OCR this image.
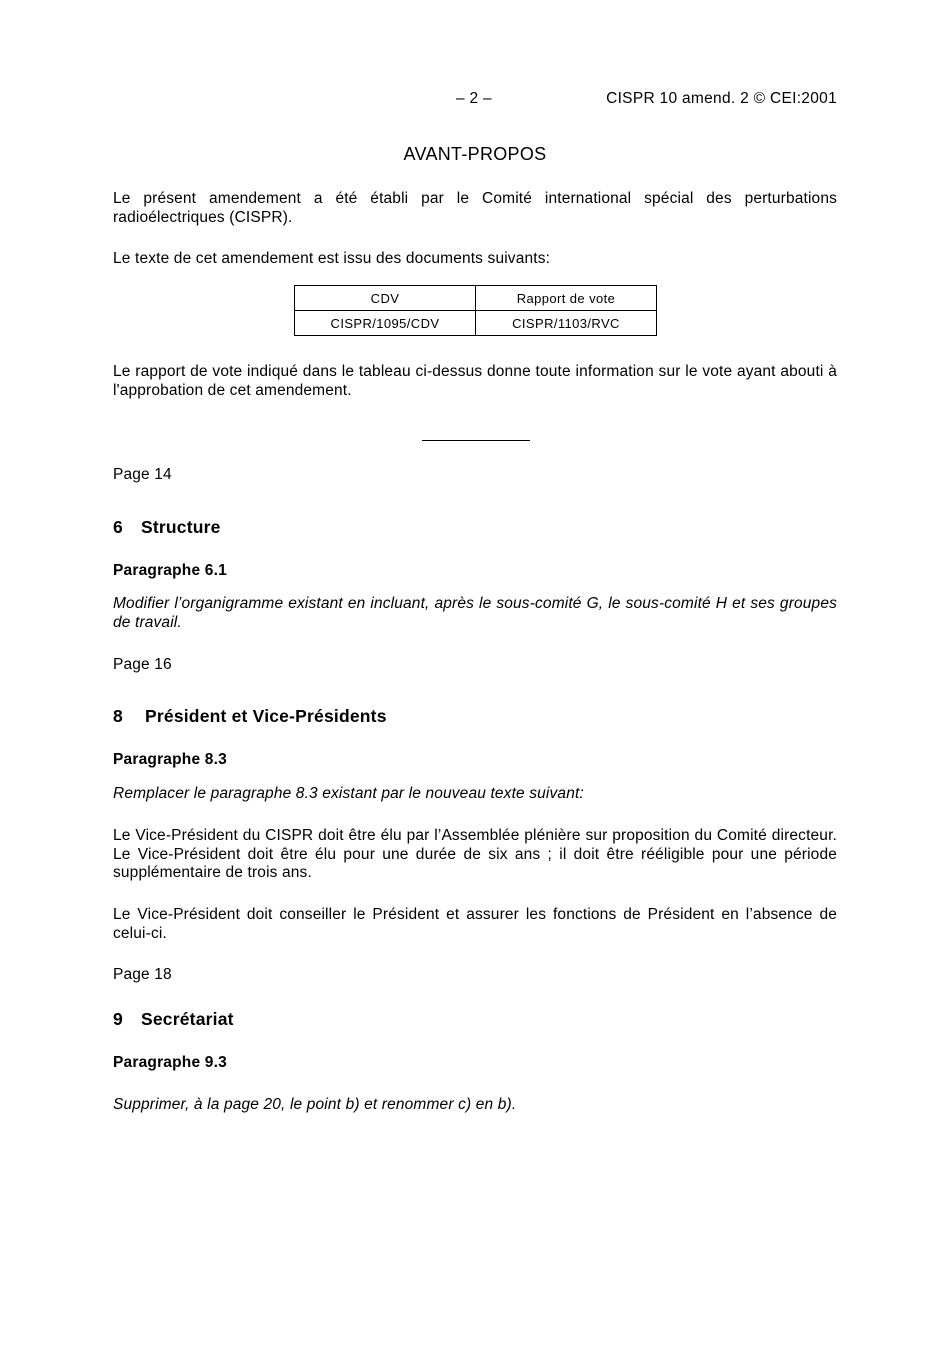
– 2 –	CISPR 10 amend. 2 © CEI:2001
AVANT-PROPOS
Le présent amendement a été établi par le Comité international spécial des perturbations radioélectriques (CISPR).
Le texte de cet amendement est issu des documents suivants:
CDV	Rapport de vote
CISPR/1095/CDV	CISPR/1103/RVC
Le rapport de vote indiqué dans le tableau ci-dessus donne toute information sur le vote ayant abouti à l'approbation de cet amendement.
Page 14
6 Structure
Paragraphe 6.1
Modifier l’organigramme existant en incluant, après le sous-comité G, le sous-comité H et ses groupes de travail.
Page 16
8 Président et Vice-Présidents
Paragraphe 8.3
Remplacer le paragraphe 8.3 existant par le nouveau texte suivant:
Le Vice-Président du CISPR doit être élu par l’Assemblée plénière sur proposition du Comité directeur. Le Vice-Président doit être élu pour une durée de six ans ; il doit être rééligible pour une période supplémentaire de trois ans.
Le Vice-Président doit conseiller le Président et assurer les fonctions de Président en l’absence de celui-ci.
Page 18
9 Secrétariat
Paragraphe 9.3
Supprimer, à la page 20, le point b) et renommer c) en b).
